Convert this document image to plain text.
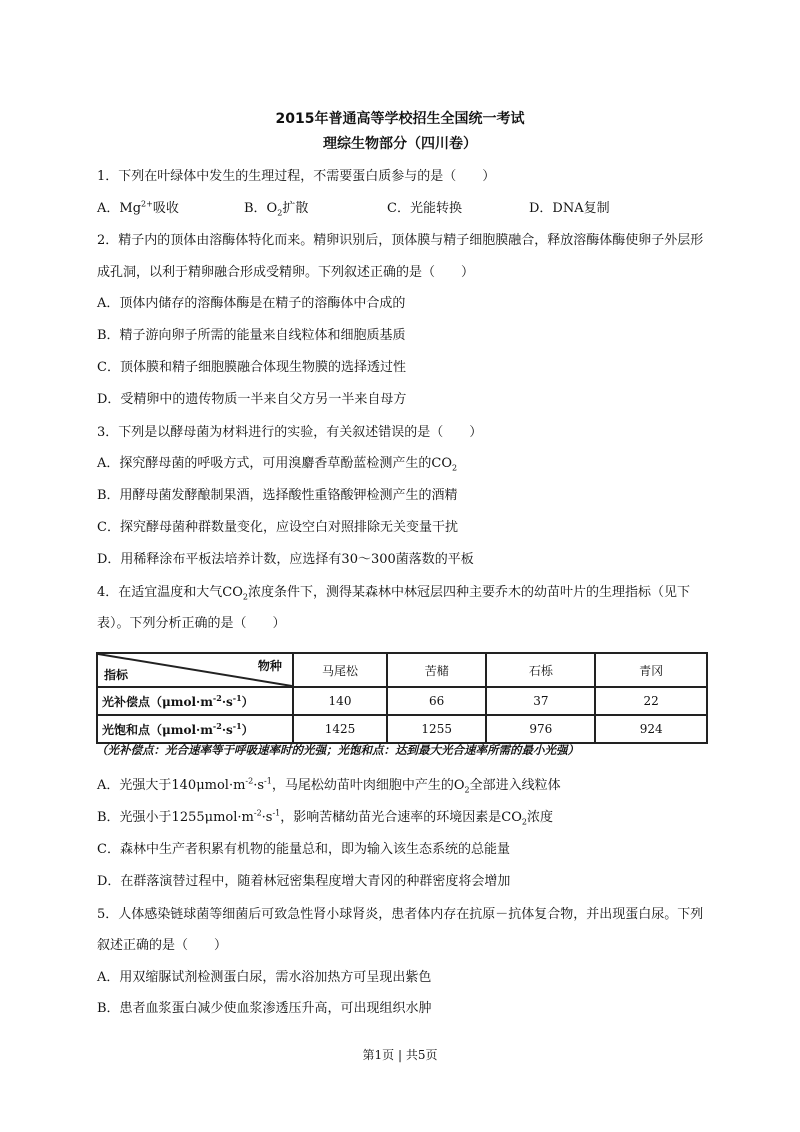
2015年普通高等学校招生全国统一考试
理综生物部分（四川卷）
1．下列在叶绿体中发生的生理过程，不需要蛋白质参与的是（　　）
A．$Mg^{2+}$吸收	B．$O_2$扩散	C．光能转换	D．DNA复制
2．精子内的顶体由溶酶体特化而来。精卵识别后，顶体膜与精子细胞膜融合，释放溶酶体酶使卵子外层形
成孔洞，以利于精卵融合形成受精卵。下列叙述正确的是（　　）
A．顶体内储存的溶酶体酶是在精子的溶酶体中合成的
B．精子游向卵子所需的能量来自线粒体和细胞质基质
C．顶体膜和精子细胞膜融合体现生物膜的选择透过性
D．受精卵中的遗传物质一半来自父方另一半来自母方
3．下列是以酵母菌为材料进行的实验，有关叙述错误的是（　　）
A．探究酵母菌的呼吸方式，可用溴麝香草酚蓝检测产生的$CO_2$
B．用酵母菌发酵酿制果酒，选择酸性重铬酸钾检测产生的酒精
C．探究酵母菌种群数量变化，应设空白对照排除无关变量干扰
D．用稀释涂布平板法培养计数，应选择有30～300菌落数的平板
4．在适宜温度和大气$CO_2$浓度条件下，测得某森林中林冠层四种主要乔木的幼苗叶片的生理指标（见下
表）。下列分析正确的是（　　）
物种
指标	马尾松	苦槠	石栎	青冈
光补偿点$(\mu mol\cdot m^{-2}\cdot s^{-1})$	140	66	37	22
光饱和点$(\mu mol\cdot m^{-2}\cdot s^{-1})$	1425	1255	976	924
（光补偿点：光合速率等于呼吸速率时的光强；光饱和点：达到最大光合速率所需的最小光强）
A．光强大于$140\mu mol\cdot m^{-2}\cdot s^{-1}$，马尾松幼苗叶肉细胞中产生的$O_2$全部进入线粒体
B．光强小于$1255\mu mol\cdot m^{-2}\cdot s^{-1}$，影响苦槠幼苗光合速率的环境因素是$CO_2$浓度
C．森林中生产者积累有机物的能量总和，即为输入该生态系统的总能量
D．在群落演替过程中，随着林冠密集程度增大青冈的种群密度将会增加
5．人体感染链球菌等细菌后可致急性肾小球肾炎，患者体内存在抗原－抗体复合物，并出现蛋白尿。下列
叙述正确的是（　　）
A．用双缩脲试剂检测蛋白尿，需水浴加热方可呈现出紫色
B．患者血浆蛋白减少使血浆渗透压升高，可出现组织水肿
第1页 | 共5页
